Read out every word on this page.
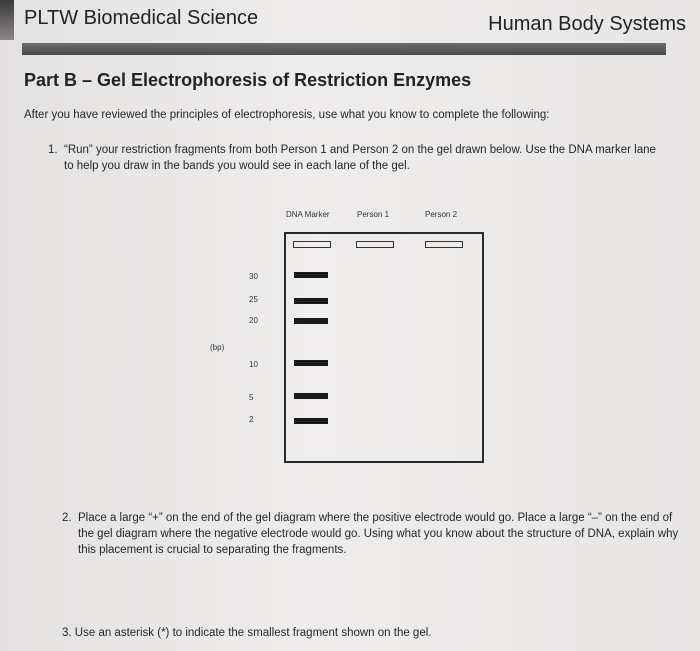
PLTW Biomedical Science	Human Body Systems
Part B – Gel Electrophoresis of Restriction Enzymes
After you have reviewed the principles of electrophoresis, use what you know to complete the following:
1. “Run” your restriction fragments from both Person 1 and Person 2 on the gel drawn below. Use the DNA marker lane to help you draw in the bands you would see in each lane of the gel.
DNA Marker	Person 1	Person 2
30
25
20
10
5
2
(bp)
2. Place a large “+” on the end of the gel diagram where the positive electrode would go. Place a large “–” on the end of the gel diagram where the negative electrode would go. Using what you know about the structure of DNA, explain why this placement is crucial to separating the fragments.
3. Use an asterisk (*) to indicate the smallest fragment shown on the gel.
